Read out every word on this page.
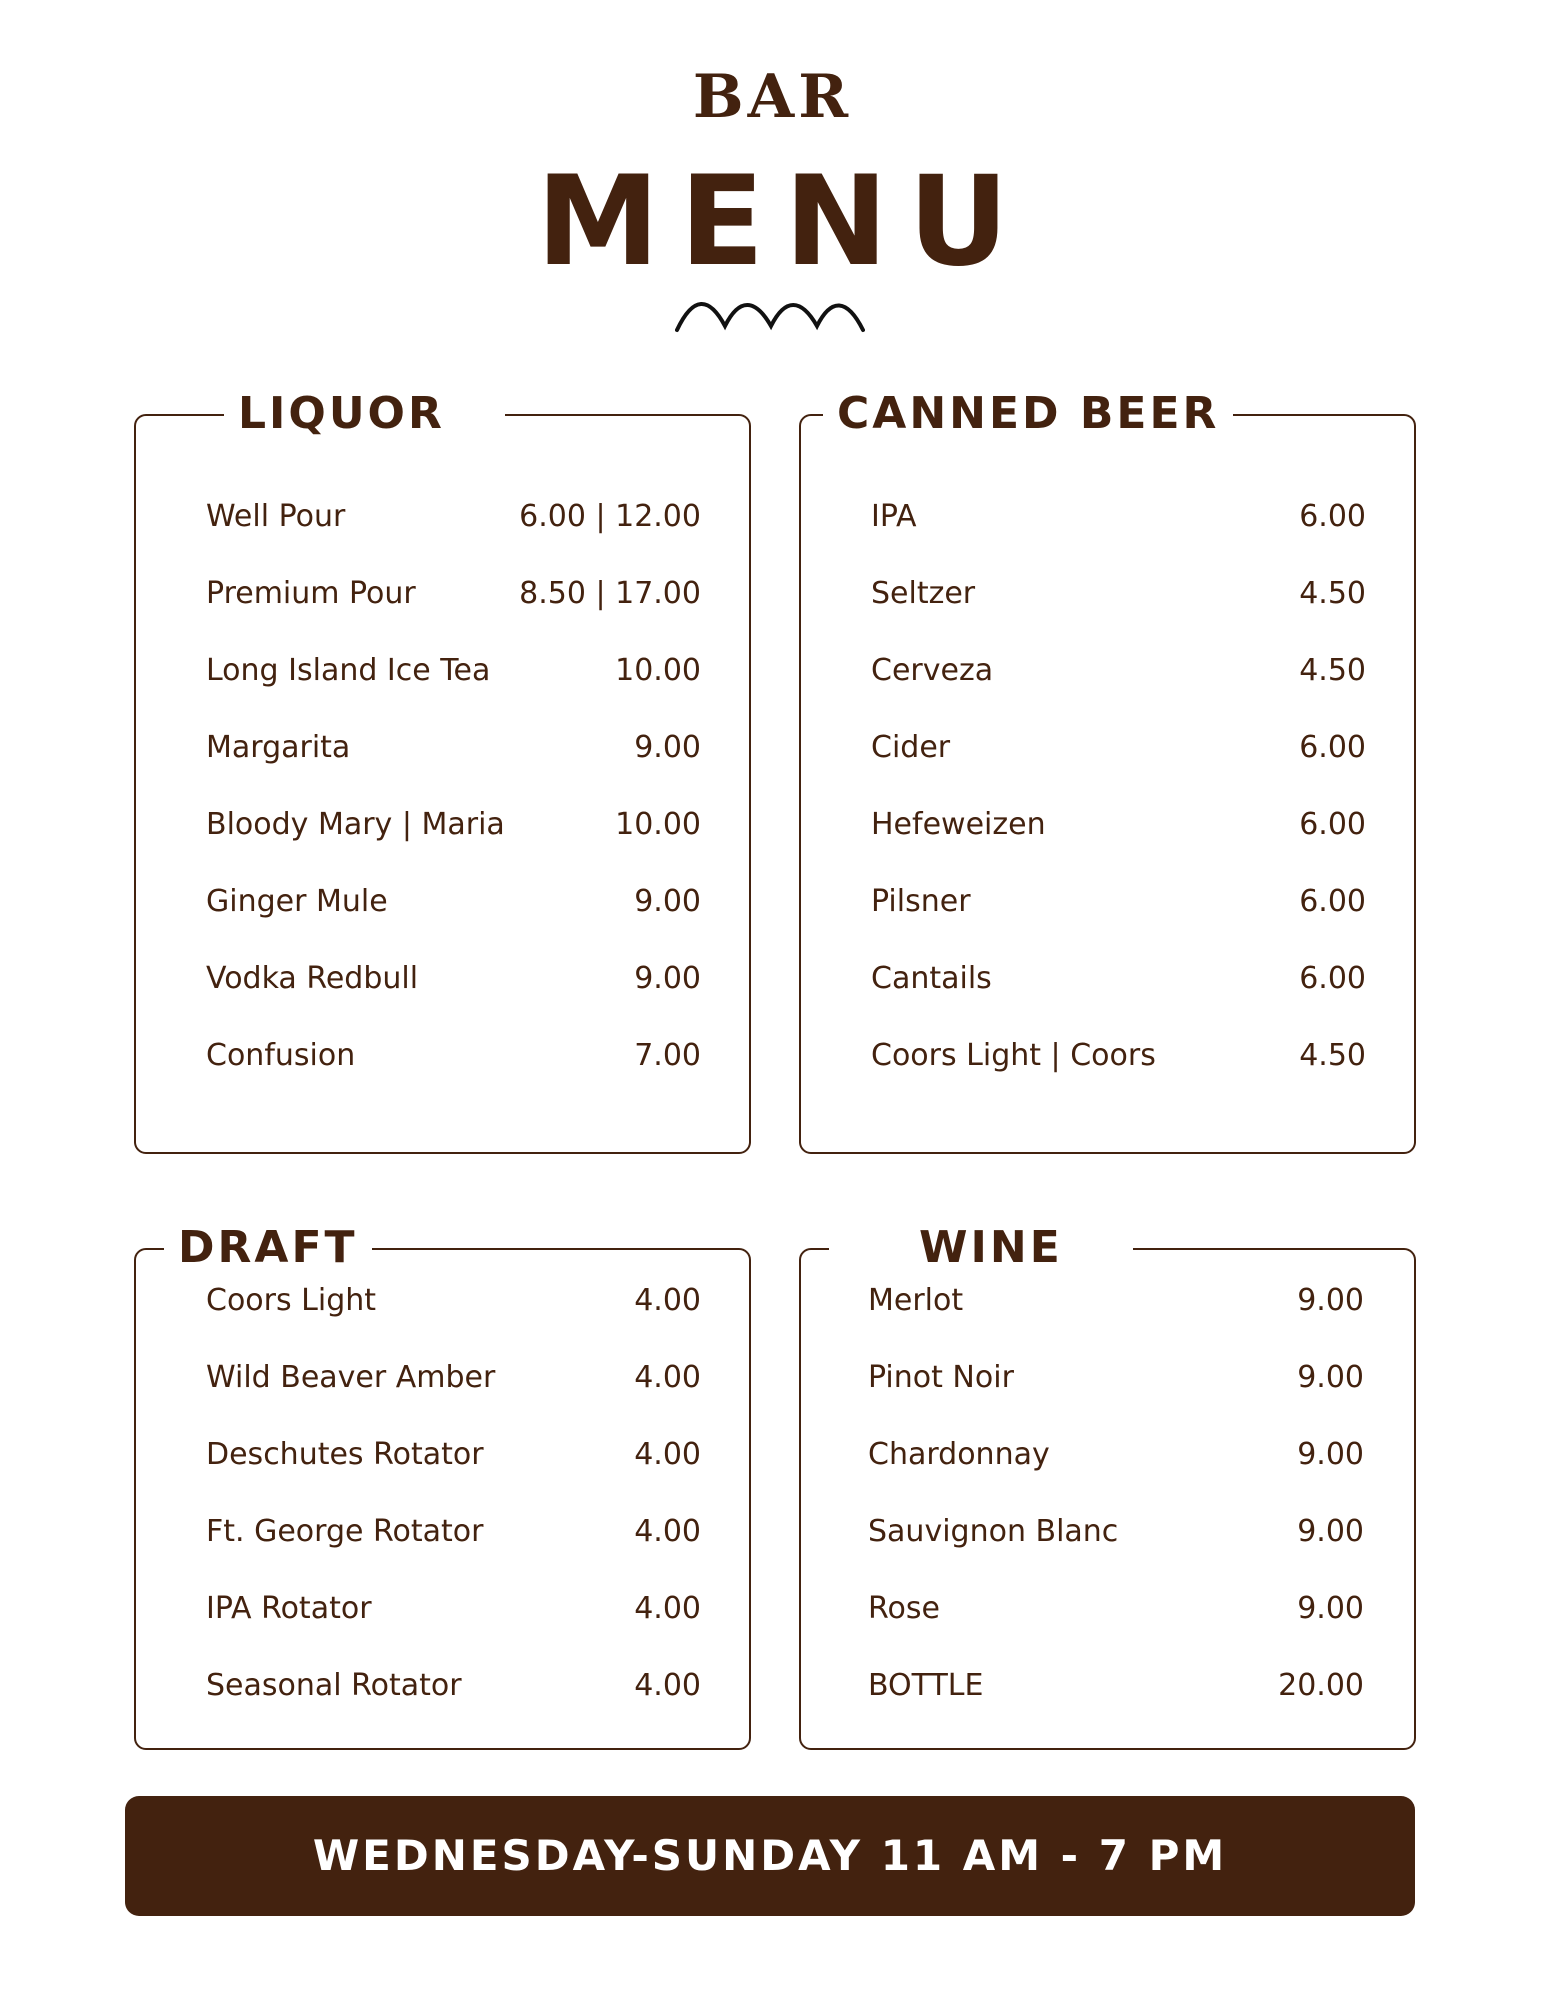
BAR
MENU
LIQUOR
Well Pour	6.00 | 12.00
Premium Pour	8.50 | 17.00
Long Island Ice Tea	10.00
Margarita	9.00
Bloody Mary | Maria	10.00
Ginger Mule	9.00
Vodka Redbull	9.00
Confusion	7.00
CANNED BEER
IPA	6.00
Seltzer	4.50
Cerveza	4.50
Cider	6.00
Hefeweizen	6.00
Pilsner	6.00
Cantails	6.00
Coors Light | Coors	4.50
DRAFT
Coors Light	4.00
Wild Beaver Amber	4.00
Deschutes Rotator	4.00
Ft. George Rotator	4.00
IPA Rotator	4.00
Seasonal Rotator	4.00
WINE
Merlot	9.00
Pinot Noir	9.00
Chardonnay	9.00
Sauvignon Blanc	9.00
Rose	9.00
BOTTLE	20.00
WEDNESDAY-SUNDAY 11 AM - 7 PM
